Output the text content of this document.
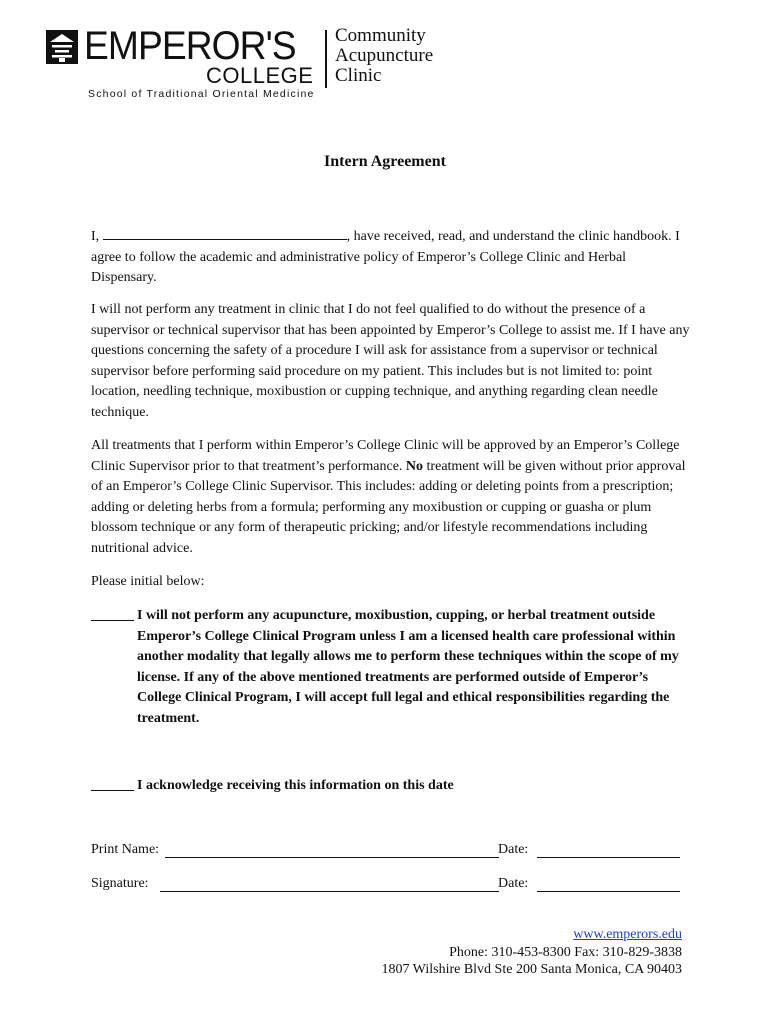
EMPEROR'S
COLLEGE
Community
Acupuncture
Clinic
School of Traditional Oriental Medicine
Intern Agreement

I,	, have received, read, and understand the clinic handbook. I agree to follow the academic and administrative policy of Emperor’s College Clinic and Herbal Dispensary.

I will not perform any treatment in clinic that I do not feel qualified to do without the presence of a supervisor or technical supervisor that has been appointed by Emperor’s College to assist me. If I have any questions concerning the safety of a procedure I will ask for assistance from a supervisor or technical supervisor before performing said procedure on my patient. This includes but is not limited to: point location, needling technique, moxibustion or cupping technique, and anything regarding clean needle technique.

All treatments that I perform within Emperor’s College Clinic will be approved by an Emperor’s College Clinic Supervisor prior to that treatment’s performance. No treatment will be given without prior approval of an Emperor’s College Clinic Supervisor. This includes: adding or deleting points from a prescription; adding or deleting herbs from a formula; performing any moxibustion or cupping or guasha or plum blossom technique or any form of therapeutic pricking; and/or lifestyle recommendations including nutritional advice.

Please initial below:

I will not perform any acupuncture, moxibustion, cupping, or herbal treatment outside Emperor’s College Clinical Program unless I am a licensed health care professional within another modality that legally allows me to perform these techniques within the scope of my license. If any of the above mentioned treatments are performed outside of Emperor’s College Clinical Program, I will accept full legal and ethical responsibilities regarding the treatment.
I acknowledge receiving this information on this date
Print Name:	Date:
Signature:	Date:
www.emperors.edu
Phone: 310-453-8300 Fax: 310-829-3838
1807 Wilshire Blvd Ste 200 Santa Monica, CA 90403
